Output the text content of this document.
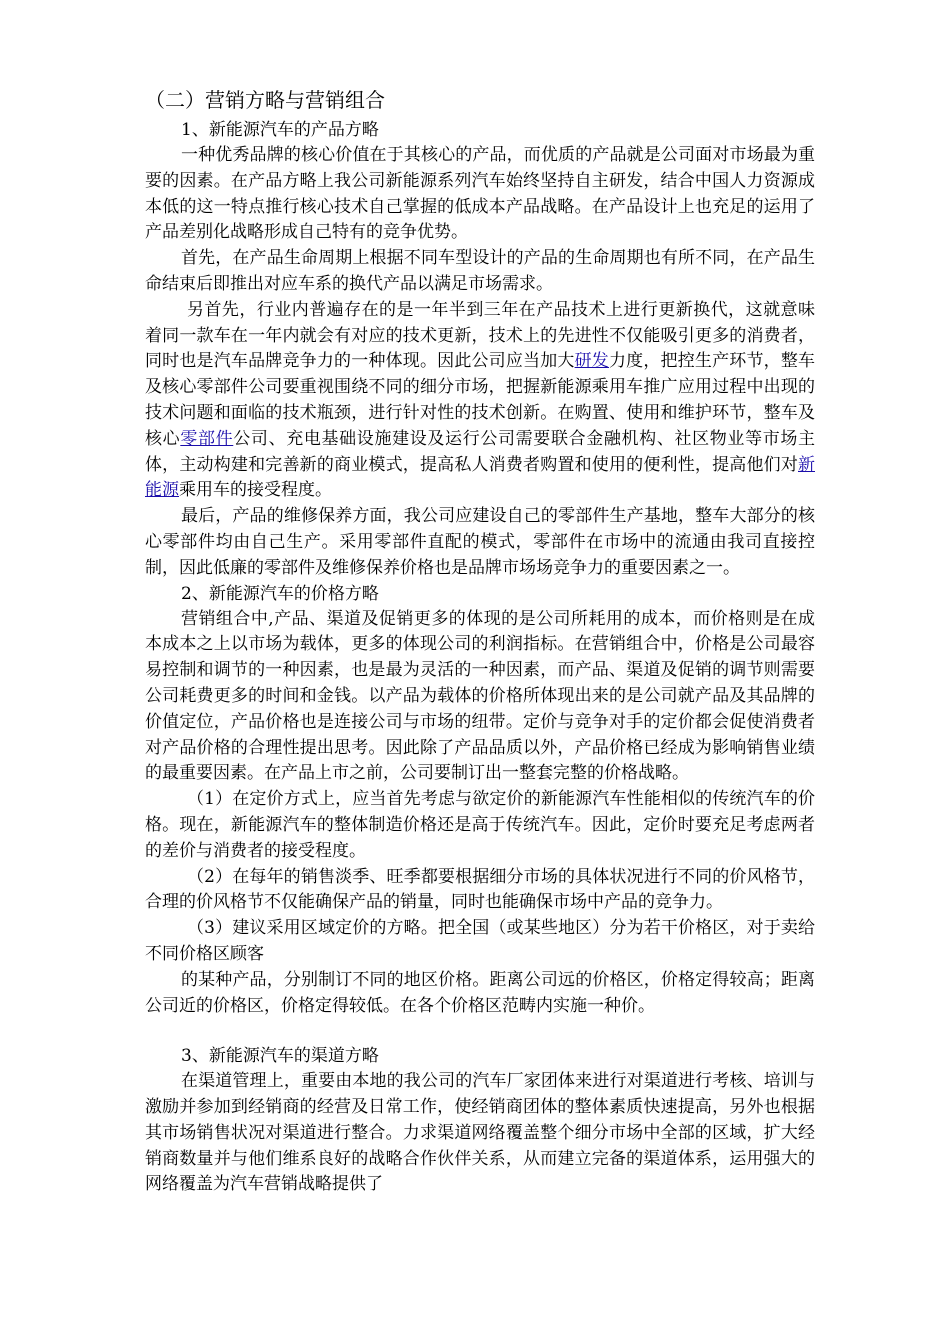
（二）营销方略与营销组合
1、新能源汽车的产品方略

一种优秀品牌的核心价值在于其核心的产品，而优质的产品就是公司面对市场最为重要的因素。在产品方略上我公司新能源系列汽车始终坚持自主研发，结合中国人力资源成本低的这一特点推行核心技术自己掌握的低成本产品战略。在产品设计上也充足的运用了产品差别化战略形成自己特有的竞争优势。

首先，在产品生命周期上根据不同车型设计的产品的生命周期也有所不同，在产品生命结束后即推出对应车系的换代产品以满足市场需求。

另首先，行业内普遍存在的是一年半到三年在产品技术上进行更新换代，这就意味着同一款车在一年内就会有对应的技术更新，技术上的先进性不仅能吸引更多的消费者，同时也是汽车品牌竞争力的一种体现。因此公司应当加大研发力度，把控生产环节，整车及核心零部件公司要重视围绕不同的细分市场，把握新能源乘用车推广应用过程中出现的技术问题和面临的技术瓶颈，进行针对性的技术创新。在购置、使用和维护环节，整车及核心零部件公司、充电基础设施建设及运行公司需要联合金融机构、社区物业等市场主体，主动构建和完善新的商业模式，提高私人消费者购置和使用的便利性，提高他们对新能源乘用车的接受程度。

最后，产品的维修保养方面，我公司应建设自己的零部件生产基地，整车大部分的核心零部件均由自己生产。采用零部件直配的模式，零部件在市场中的流通由我司直接控制，因此低廉的零部件及维修保养价格也是品牌市场场竞争力的重要因素之一。

2、新能源汽车的价格方略

营销组合中,产品、渠道及促销更多的体现的是公司所耗用的成本，而价格则是在成本成本之上以市场为载体，更多的体现公司的利润指标。在营销组合中，价格是公司最容易控制和调节的一种因素，也是最为灵活的一种因素，而产品、渠道及促销的调节则需要公司耗费更多的时间和金钱。以产品为载体的价格所体现出来的是公司就产品及其品牌的价值定位，产品价格也是连接公司与市场的纽带。定价与竞争对手的定价都会促使消费者对产品价格的合理性提出思考。因此除了产品品质以外，产品价格已经成为影响销售业绩的最重要因素。在产品上市之前，公司要制订出一整套完整的价格战略。

（1）在定价方式上，应当首先考虑与欲定价的新能源汽车性能相似的传统汽车的价格。现在，新能源汽车的整体制造价格还是高于传统汽车。因此，定价时要充足考虑两者的差价与消费者的接受程度。

（2）在每年的销售淡季、旺季都要根据细分市场的具体状况进行不同的价风格节，合理的价风格节不仅能确保产品的销量，同时也能确保市场中产品的竞争力。

（3）建议采用区域定价的方略。把全国（或某些地区）分为若干价格区，对于卖给不同价格区顾客

的某种产品，分别制订不同的地区价格。距离公司远的价格区，价格定得较高；距离公司近的价格区，价格定得较低。在各个价格区范畴内实施一种价。

3、新能源汽车的渠道方略

在渠道管理上，重要由本地的我公司的汽车厂家团体来进行对渠道进行考核、培训与激励并参加到经销商的经营及日常工作，使经销商团体的整体素质快速提高，另外也根据其市场销售状况对渠道进行整合。力求渠道网络覆盖整个细分市场中全部的区域，扩大经销商数量并与他们维系良好的战略合作伙伴关系，从而建立完备的渠道体系，运用强大的网络覆盖为汽车营销战略提供了
